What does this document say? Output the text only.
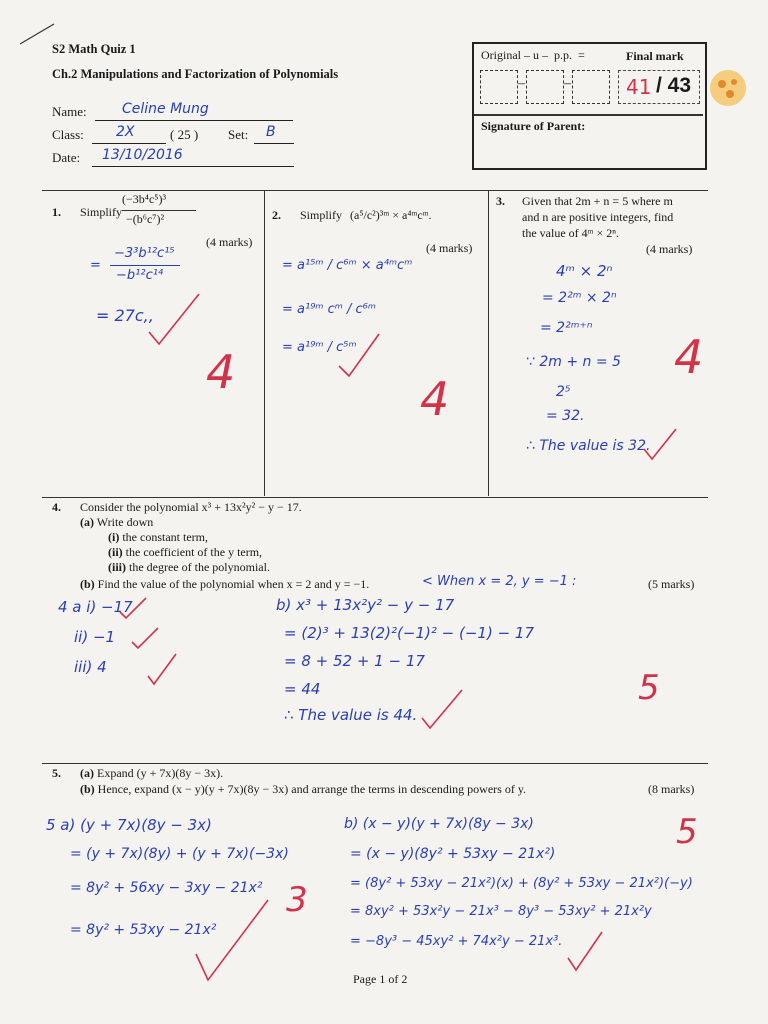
S2 Math Quiz 1
Ch.2 Manipulations and Factorization of Polynomials
Name:	Celine Mung
Class: 2X	( 25 ) Set: B
Date: 13/10/2016
Original – u –  p.p. =	Final mark
–	–	41 / 43
Signature of Parent:
1. Simplify
(−3b⁴c⁵)³
−(b⁶c⁷)²
(4 marks)
=
−3³b¹²c¹⁵
−b¹²c¹⁴
= 27c,,
4
2. Simplify (a⁵/c²)³ᵐ × a⁴ᵐcᵐ.
(4 marks)
= a¹⁵ᵐ / c⁶ᵐ × a⁴ᵐcᵐ
= a¹⁹ᵐ cᵐ / c⁶ᵐ
= a¹⁹ᵐ / c⁵ᵐ
4
3. Given that 2m + n = 5 where m
and n are positive integers, find
the value of 4ᵐ × 2ⁿ.
(4 marks)
4ᵐ × 2ⁿ
= 2²ᵐ × 2ⁿ
= 2²ᵐ⁺ⁿ
∵ 2m + n = 5
2⁵
= 32.
∴ The value is 32.
4
4. Consider the polynomial x³ + 13x²y² − y − 17.
(a) Write down
(i) the constant term,
(ii) the coefficient of the y term,
(iii) the degree of the polynomial.
(b) Find the value of the polynomial when x = 2 and y = −1.	< When x = 2, y = −1 :	(5 marks)
4 a i) −17
ii) −1
iii) 4
b) x³ + 13x²y² − y − 17
= (2)³ + 13(2)²(−1)² − (−1) − 17
= 8 + 52 + 1 − 17
= 44
∴ The value is 44.
5
5. (a) Expand (y + 7x)(8y − 3x).
(b) Hence, expand (x − y)(y + 7x)(8y − 3x) and arrange the terms in descending powers of y.	(8 marks)
5 a) (y + 7x)(8y − 3x)
= (y + 7x)(8y) + (y + 7x)(−3x)
= 8y² + 56xy − 3xy − 21x²
= 8y² + 53xy − 21x²
3
b) (x − y)(y + 7x)(8y − 3x)
= (x − y)(8y² + 53xy − 21x²)
= (8y² + 53xy − 21x²)(x) + (8y² + 53xy − 21x²)(−y)
= 8xy² + 53x²y − 21x³ − 8y³ − 53xy² + 21x²y
= −8y³ − 45xy² + 74x²y − 21x³.
5
Page 1 of 2
